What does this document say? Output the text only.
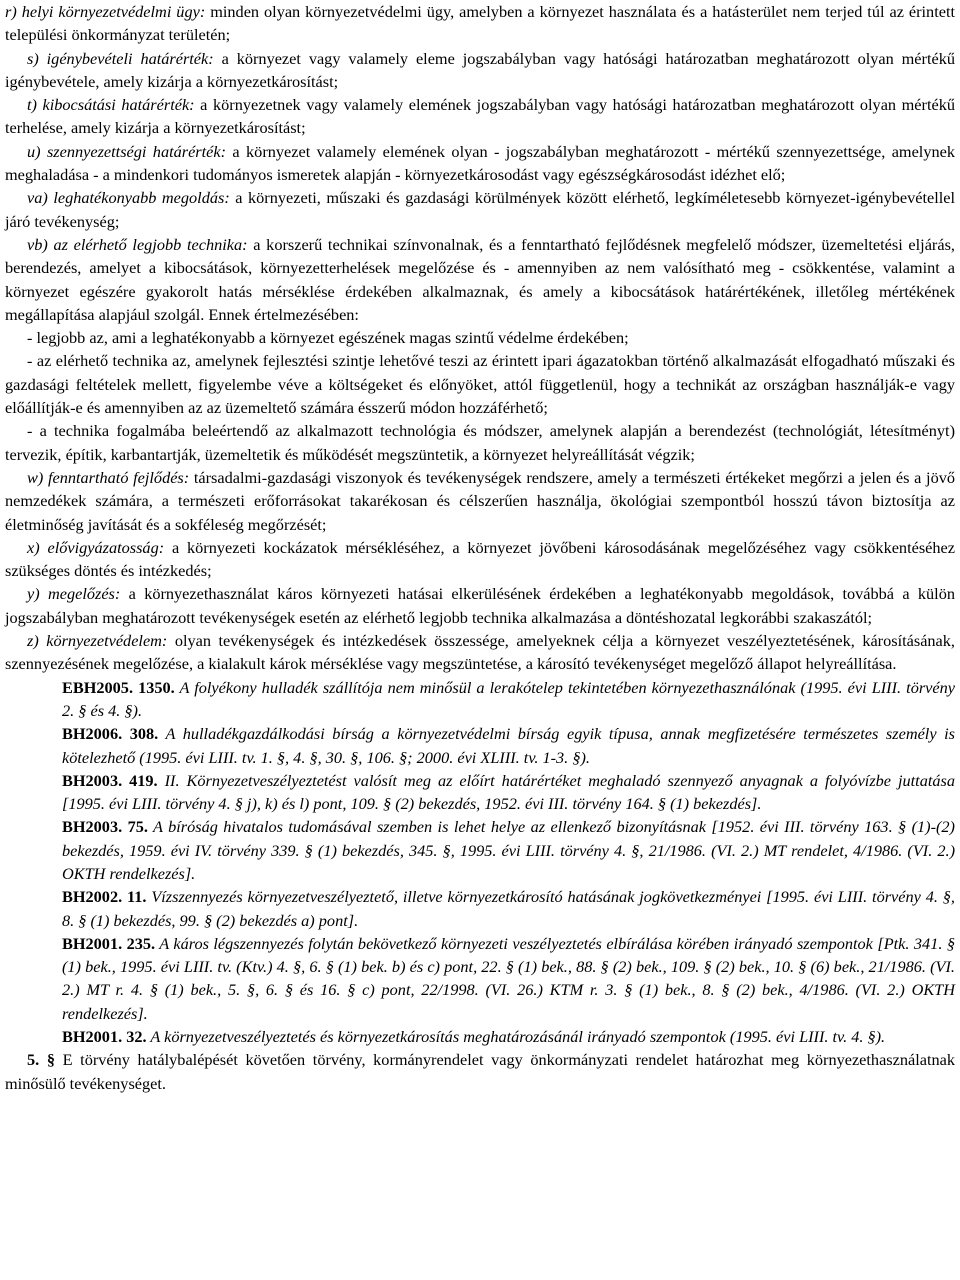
r) helyi környezetvédelmi ügy: minden olyan környezetvédelmi ügy, amelyben a környezet használata és a hatásterület nem terjed túl az érintett települési önkormányzat területén;

s) igénybevételi határérték: a környezet vagy valamely eleme jogszabályban vagy hatósági határozatban meghatározott olyan mértékű igénybevétele, amely kizárja a környezetkárosítást;

t) kibocsátási határérték: a környezetnek vagy valamely elemének jogszabályban vagy hatósági határozatban meghatározott olyan mértékű terhelése, amely kizárja a környezetkárosítást;

u) szennyezettségi határérték: a környezet valamely elemének olyan - jogszabályban meghatározott - mértékű szennyezettsége, amelynek meghaladása - a mindenkori tudományos ismeretek alapján - környezetkárosodást vagy egészségkárosodást idézhet elő;

va) leghatékonyabb megoldás: a környezeti, műszaki és gazdasági körülmények között elérhető, legkíméletesebb környezet-igénybevétellel járó tevékenység;

vb) az elérhető legjobb technika: a korszerű technikai színvonalnak, és a fenntartható fejlődésnek megfelelő módszer, üzemeltetési eljárás, berendezés, amelyet a kibocsátások, környezetterhelések megelőzése és - amennyiben az nem valósítható meg - csökkentése, valamint a környezet egészére gyakorolt hatás mérséklése érdekében alkalmaznak, és amely a kibocsátások határértékének, illetőleg mértékének megállapítása alapjául szolgál. Ennek értelmezésében:

- legjobb az, ami a leghatékonyabb a környezet egészének magas szintű védelme érdekében;

- az elérhető technika az, amelynek fejlesztési szintje lehetővé teszi az érintett ipari ágazatokban történő alkalmazását elfogadható műszaki és gazdasági feltételek mellett, figyelembe véve a költségeket és előnyöket, attól függetlenül, hogy a technikát az országban használják-e vagy előállítják-e és amennyiben az az üzemeltető számára ésszerű módon hozzáférhető;

- a technika fogalmába beleértendő az alkalmazott technológia és módszer, amelynek alapján a berendezést (technológiát, létesítményt) tervezik, építik, karbantartják, üzemeltetik és működését megszüntetik, a környezet helyreállítását végzik;

w) fenntartható fejlődés: társadalmi-gazdasági viszonyok és tevékenységek rendszere, amely a természeti értékeket megőrzi a jelen és a jövő nemzedékek számára, a természeti erőforrásokat takarékosan és célszerűen használja, ökológiai szempontból hosszú távon biztosítja az életminőség javítását és a sokféleség megőrzését;

x) elővigyázatosság: a környezeti kockázatok mérsékléséhez, a környezet jövőbeni károsodásának megelőzéséhez vagy csökkentéséhez szükséges döntés és intézkedés;

y) megelőzés: a környezethasználat káros környezeti hatásai elkerülésének érdekében a leghatékonyabb megoldások, továbbá a külön jogszabályban meghatározott tevékenységek esetén az elérhető legjobb technika alkalmazása a döntéshozatal legkorábbi szakaszától;

z) környezetvédelem: olyan tevékenységek és intézkedések összessége, amelyeknek célja a környezet veszélyeztetésének, károsításának, szennyezésének megelőzése, a kialakult károk mérséklése vagy megszüntetése, a károsító tevékenységet megelőző állapot helyreállítása.

EBH2005. 1350. A folyékony hulladék szállítója nem minősül a lerakótelep tekintetében környezethasználónak (1995. évi LIII. törvény 2. § és 4. §).

BH2006. 308. A hulladékgazdálkodási bírság a környezetvédelmi bírság egyik típusa, annak megfizetésére természetes személy is kötelezhető (1995. évi LIII. tv. 1. §, 4. §, 30. §, 106. §; 2000. évi XLIII. tv. 1-3. §).

BH2003. 419. II. Környezetveszélyeztetést valósít meg az előírt határértéket meghaladó szennyező anyagnak a folyóvízbe juttatása [1995. évi LIII. törvény 4. § j), k) és l) pont, 109. § (2) bekezdés, 1952. évi III. törvény 164. § (1) bekezdés].

BH2003. 75. A bíróság hivatalos tudomásával szemben is lehet helye az ellenkező bizonyításnak [1952. évi III. törvény 163. § (1)-(2) bekezdés, 1959. évi IV. törvény 339. § (1) bekezdés, 345. §, 1995. évi LIII. törvény 4. §, 21/1986. (VI. 2.) MT rendelet, 4/1986. (VI. 2.) OKTH rendelkezés].

BH2002. 11. Vízszennyezés környezetveszélyeztető, illetve környezetkárosító hatásának jogkövetkezményei [1995. évi LIII. törvény 4. §, 8. § (1) bekezdés, 99. § (2) bekezdés a) pont].

BH2001. 235. A káros légszennyezés folytán bekövetkező környezeti veszélyeztetés elbírálása körében irányadó szempontok [Ptk. 341. § (1) bek., 1995. évi LIII. tv. (Ktv.) 4. §, 6. § (1) bek. b) és c) pont, 22. § (1) bek., 88. § (2) bek., 109. § (2) bek., 10. § (6) bek., 21/1986. (VI. 2.) MT r. 4. § (1) bek., 5. §, 6. § és 16. § c) pont, 22/1998. (VI. 26.) KTM r. 3. § (1) bek., 8. § (2) bek., 4/1986. (VI. 2.) OKTH rendelkezés].

BH2001. 32. A környezetveszélyeztetés és környezetkárosítás meghatározásánál irányadó szempontok (1995. évi LIII. tv. 4. §).

5. § E törvény hatálybalépését követően törvény, kormányrendelet vagy önkormányzati rendelet határozhat meg környezethasználatnak minősülő tevékenységet.
